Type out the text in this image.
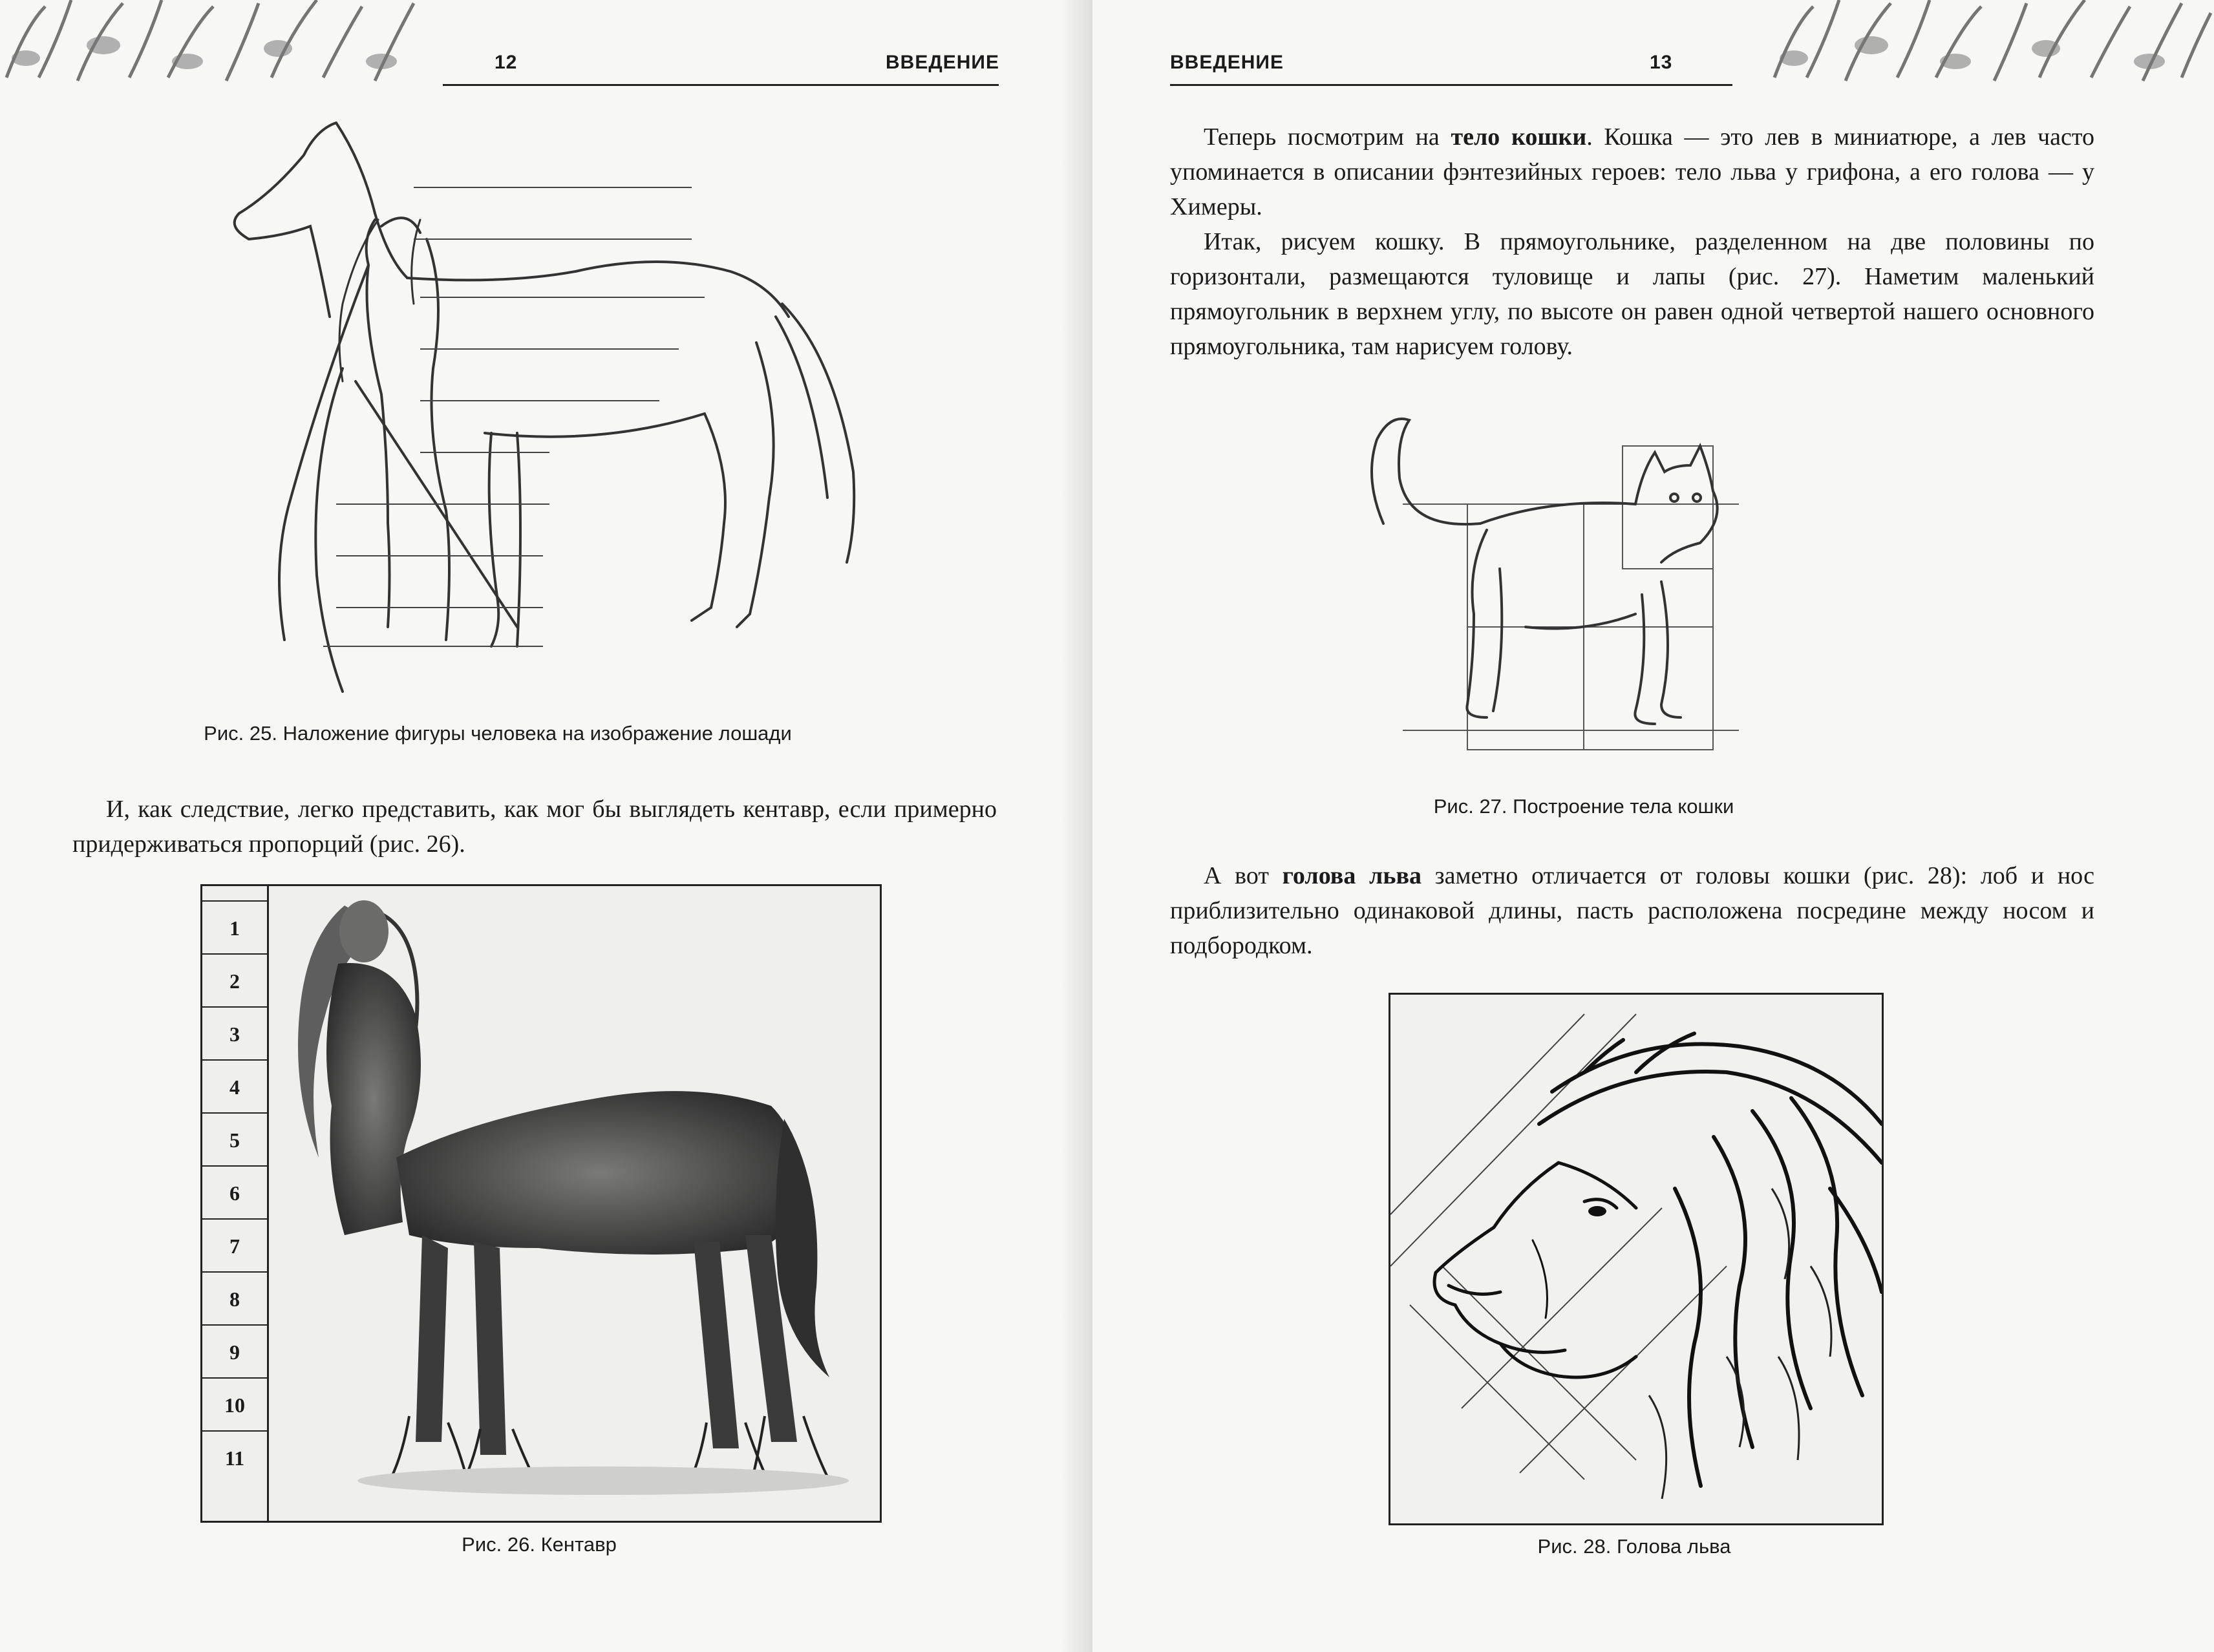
12	ВВЕДЕНИЕ
Рис. 25. Наложение фигуры человека на изображение лошади

И, как следствие, легко представить, как мог бы выглядеть кентавр, если примерно придерживаться пропорций (рис. 26).

1
2
3
4
5
6
7
8
9
10
11
Рис. 26. Кентавр
ВВЕДЕНИЕ	13

Теперь посмотрим на тело кошки. Кошка — это лев в миниатюре, а лев часто упоминается в описании фэнтезийных героев: тело льва у грифона, а его голова — у Химеры.

Итак, рисуем кошку. В прямоугольнике, разделенном на две половины по горизонтали, размещаются туловище и лапы (рис. 27). Наметим маленький прямоугольник в верхнем углу, по высоте он равен одной четвертой нашего основного прямоугольника, там нарисуем голову.

Рис. 27. Построение тела кошки

А вот голова льва заметно отличается от головы кошки (рис. 28): лоб и нос приблизительно одинаковой длины, пасть расположена посредине между носом и подбородком.

Рис. 28. Голова льва
